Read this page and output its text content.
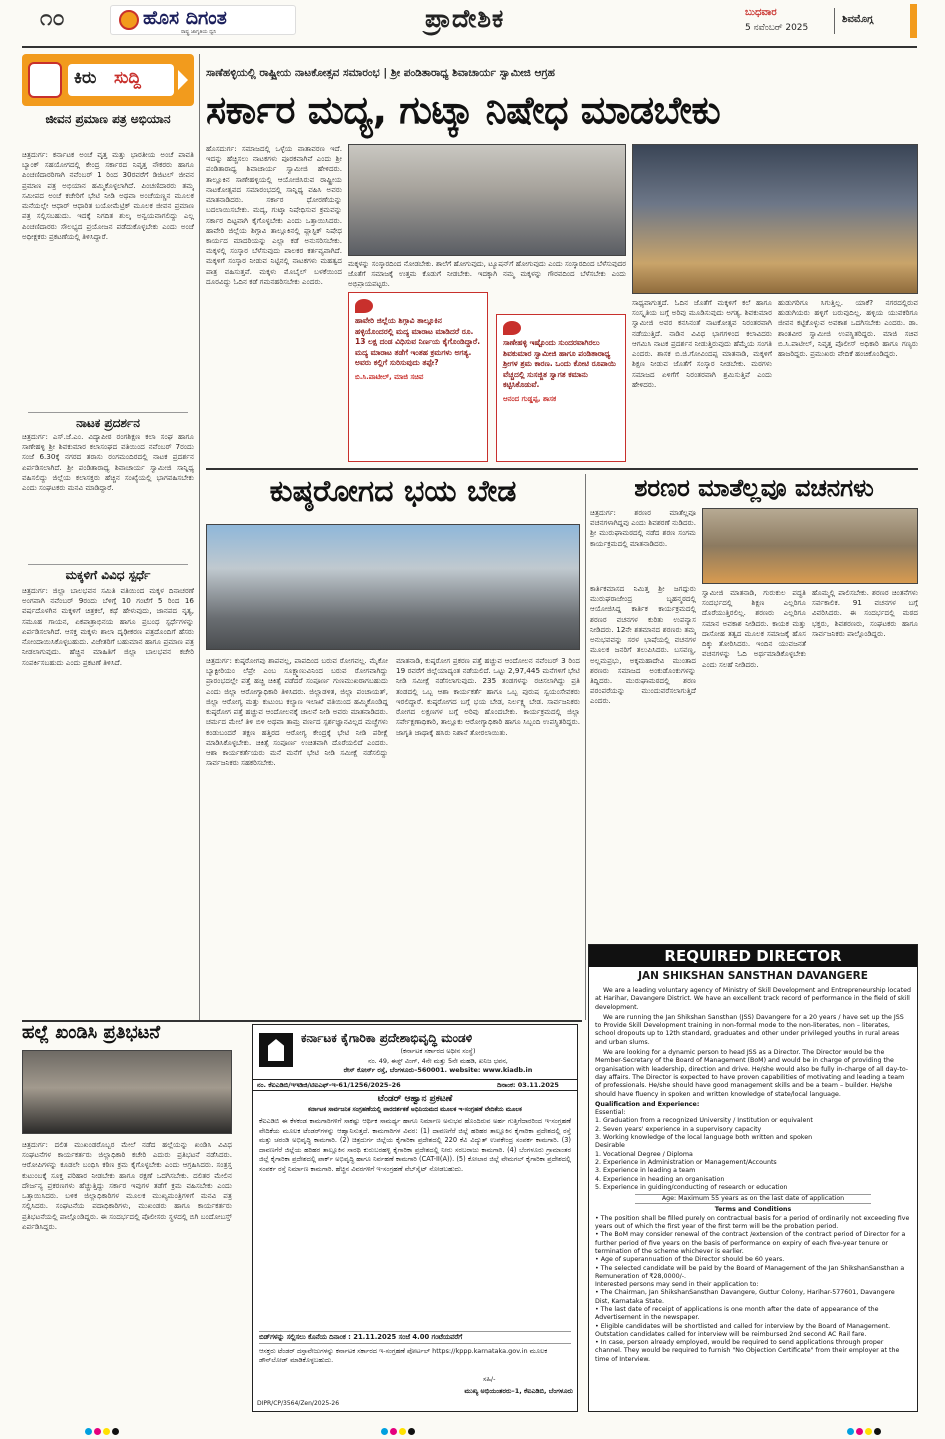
೧೦	ಹೊಸ ದಿಗಂತ
ರಾಷ್ಟ್ರ ಜಾಗೃತಿಯ ಧ್ವನಿ	ಪ್ರಾದೇಶಿಕ	ಬುಧವಾರ
5 ನವೆಂಬರ್ 2025
ಶಿವಮೊಗ್ಗ
ಕಿರು ಸುದ್ದಿ
ಜೀವನ ಪ್ರಮಾಣ ಪತ್ರ ಅಭಿಯಾನ
ಚಿತ್ರದುರ್ಗ: ಕರ್ನಾಟಕ ಅಂಚೆ ವೃತ್ತ ಮತ್ತು ಭಾರತೀಯ ಅಂಚೆ ಪಾವತಿ ಬ್ಯಾಂಕ್ ಸಹಯೋಗದಲ್ಲಿ ಕೇಂದ್ರ ಸರ್ಕಾರದ ನಿವೃತ್ತ ನೌಕರರು ಹಾಗೂ ಪಿಂಚಣಿದಾರರಿಗಾಗಿ ನವೆಂಬರ್ 1 ರಿಂದ 30ರವರೆಗೆ ಡಿಜಿಟಲ್ ಜೀವನ ಪ್ರಮಾಣ ಪತ್ರ ಅಭಿಯಾನ ಹಮ್ಮಿಕೊಳ್ಳಲಾಗಿದೆ. ಪಿಂಚಣಿದಾರರು ತಮ್ಮ ಸಮೀಪದ ಅಂಚೆ ಕಚೇರಿಗೆ ಭೇಟಿ ನೀಡಿ ಅಥವಾ ಅಂಚೆಯಣ್ಣನ ಮೂಲಕ ಮನೆಯಲ್ಲೇ ಆಧಾರ್ ಆಧಾರಿತ ಬಯೋಮೆಟ್ರಿಕ್ ಮೂಲಕ ಜೀವನ ಪ್ರಮಾಣ ಪತ್ರ ಸಲ್ಲಿಸಬಹುದು. ಇದಕ್ಕೆ ನಿಗದಿತ ಶುಲ್ಕ ಅನ್ವಯವಾಗಲಿದ್ದು ಎಲ್ಲ ಪಿಂಚಣಿದಾರರು ಸೌಲಭ್ಯದ ಪ್ರಯೋಜನ ಪಡೆದುಕೊಳ್ಳಬೇಕು ಎಂದು ಅಂಚೆ ಅಧೀಕ್ಷಕರು ಪ್ರಕಟಣೆಯಲ್ಲಿ ತಿಳಿಸಿದ್ದಾರೆ.
ನಾಟಕ ಪ್ರದರ್ಶನ
ಚಿತ್ರದುರ್ಗ: ಎಸ್.ಜೆ.ಎಂ. ವಿದ್ಯಾಪೀಠ ರಂಗಶಿಕ್ಷಣ ಕಲಾ ಸಂಘ ಹಾಗೂ ಸಾಣೇಹಳ್ಳಿ ಶ್ರೀ ಶಿವಕುಮಾರ ಕಲಾಸಂಘದ ವತಿಯಿಂದ ನವೆಂಬರ್ 7ರಂದು ಸಂಜೆ 6.30ಕ್ಕೆ ನಗರದ ತರಾಸು ರಂಗಮಂದಿರದಲ್ಲಿ ನಾಟಕ ಪ್ರದರ್ಶನ ಏರ್ಪಡಿಸಲಾಗಿದೆ. ಶ್ರೀ ಪಂಡಿತಾರಾಧ್ಯ ಶಿವಾಚಾರ್ಯ ಸ್ವಾಮೀಜಿ ಸಾನ್ನಿಧ್ಯ ವಹಿಸಲಿದ್ದು ಜಿಲ್ಲೆಯ ಕಲಾಸಕ್ತರು ಹೆಚ್ಚಿನ ಸಂಖ್ಯೆಯಲ್ಲಿ ಭಾಗವಹಿಸಬೇಕು ಎಂದು ಸಂಘಟಕರು ಮನವಿ ಮಾಡಿದ್ದಾರೆ.
ಮಕ್ಕಳಿಗೆ ವಿವಿಧ ಸ್ಪರ್ಧೆ
ಚಿತ್ರದುರ್ಗ: ಜಿಲ್ಲಾ ಬಾಲಭವನ ಸಮಿತಿ ವತಿಯಿಂದ ಮಕ್ಕಳ ದಿನಾಚರಣೆ ಅಂಗವಾಗಿ ನವೆಂಬರ್ 9ರಂದು ಬೆಳಿಗ್ಗೆ 10 ಗಂಟೆಗೆ 5 ರಿಂದ 16 ವರ್ಷದೊಳಗಿನ ಮಕ್ಕಳಿಗೆ ಚಿತ್ರಕಲೆ, ಕಥೆ ಹೇಳುವುದು, ಜಾನಪದ ನೃತ್ಯ, ಸಮೂಹ ಗಾಯನ, ಏಕಪಾತ್ರಾಭಿನಯ ಹಾಗೂ ಪ್ರಬಂಧ ಸ್ಪರ್ಧೆಗಳನ್ನು ಏರ್ಪಡಿಸಲಾಗಿದೆ. ಆಸಕ್ತ ಮಕ್ಕಳು ಶಾಲಾ ದೃಢೀಕರಣ ಪತ್ರದೊಂದಿಗೆ ಹೆಸರು ನೋಂದಾಯಿಸಿಕೊಳ್ಳಬಹುದು. ವಿಜೇತರಿಗೆ ಬಹುಮಾನ ಹಾಗೂ ಪ್ರಮಾಣ ಪತ್ರ ನೀಡಲಾಗುವುದು. ಹೆಚ್ಚಿನ ಮಾಹಿತಿಗೆ ಜಿಲ್ಲಾ ಬಾಲಭವನ ಕಚೇರಿ ಸಂಪರ್ಕಿಸಬಹುದು ಎಂದು ಪ್ರಕಟಣೆ ತಿಳಿಸಿದೆ.
ಸಾಣೆಹಳ್ಳಿಯಲ್ಲಿ ರಾಷ್ಟ್ರೀಯ ನಾಟಕೋತ್ಸವ ಸಮಾರಂಭ | ಶ್ರೀ ಪಂಡಿತಾರಾಧ್ಯ ಶಿವಾಚಾರ್ಯ ಸ್ವಾಮೀಜಿ ಆಗ್ರಹ
ಸರ್ಕಾರ ಮದ್ಯ, ಗುಟ್ಕಾ ನಿಷೇಧ ಮಾಡಬೇಕು
ಹೊಸದುರ್ಗ: ಸಮಾಜದಲ್ಲಿ ಒಳ್ಳೆಯ ವಾತಾವರಣ ಇದೆ. ಇದನ್ನು ಹೆಚ್ಚಿಸಲು ನಾಟಕಗಳು ಪೂರಕವಾಗಿವೆ ಎಂದು ಶ್ರೀ ಪಂಡಿತಾರಾಧ್ಯ ಶಿವಾಚಾರ್ಯ ಸ್ವಾಮೀಜಿ ಹೇಳಿದರು. ತಾಲ್ಲೂಕಿನ ಸಾಣೇಹಳ್ಳಿಯಲ್ಲಿ ಆಯೋಜಿಸಿರುವ ರಾಷ್ಟ್ರೀಯ ನಾಟಕೋತ್ಸವದ ಸಮಾರಂಭದಲ್ಲಿ ಸಾನ್ನಿಧ್ಯ ವಹಿಸಿ ಅವರು ಮಾತನಾಡಿದರು. ಸರ್ಕಾರ ಧೋರಣೆಯನ್ನು ಬದಲಾಯಿಸಬೇಕು. ಮದ್ಯ, ಗುಟ್ಕಾ ನಿಷೇಧಿಸುವ ಕ್ರಮವನ್ನು ಸರ್ಕಾರ ದಿಟ್ಟವಾಗಿ ಕೈಗೊಳ್ಳಬೇಕು ಎಂದು ಒತ್ತಾಯಿಸಿದರು. ಹಾವೇರಿ ಜಿಲ್ಲೆಯ ಶಿಗ್ಗಾವಿ ತಾಲ್ಲೂಕಿನಲ್ಲಿ ಪ್ಲಾಸ್ಟಿಕ್ ನಿಷೇಧ ಕಾರ್ಯದ ಮಾದರಿಯನ್ನು ಎಲ್ಲಾ ಕಡೆ ಅನುಸರಿಸಬೇಕು. ಮಕ್ಕಳಲ್ಲಿ ಸಂಸ್ಕಾರ ಬೆಳೆಸುವುದು ಪಾಲಕರ ಕರ್ತವ್ಯವಾಗಿದೆ. ಮಕ್ಕಳಿಗೆ ಸಂಸ್ಕಾರ ನೀಡುವ ನಿಟ್ಟಿನಲ್ಲಿ ನಾಟಕಗಳು ಮಹತ್ವದ ಪಾತ್ರ ವಹಿಸುತ್ತವೆ. ಮಕ್ಕಳು ಮೊಬೈಲ್ ಬಳಕೆಯಿಂದ ದೂರವಿದ್ದು ಓದಿನ ಕಡೆ ಗಮನಹರಿಸಬೇಕು ಎಂದರು.
ಮಕ್ಕಳನ್ನು ಸಂಸ್ಕಾರದಿಂದ ನೋಡಬೇಕು. ಶಾಲೆಗೆ ಹೋಗುವುದು, ಟ್ಯೂಷನ್‌ಗೆ ಹೋಗುವುದು ಎಂದು ಸಂಸ್ಕಾರದಿಂದ ಬೆಳೆಸುವುದರ ಜೊತೆಗೆ ಸಮಾಜಕ್ಕೆ ಉತ್ತಮ ಕೊಡುಗೆ ನೀಡಬೇಕು. ಇದಕ್ಕಾಗಿ ನಮ್ಮ ಮಕ್ಕಳನ್ನು ಗೌರವದಿಂದ ಬೆಳೆಸಬೇಕು ಎಂದು ಅಭಿಪ್ರಾಯಪಟ್ಟರು.
ಹಾವೇರಿ ಜಿಲ್ಲೆಯ ಶಿಗ್ಗಾವಿ ತಾಲ್ಲೂಕಿನ ಹಳ್ಳಿಯೊಂದರಲ್ಲಿ ಮದ್ಯ ಮಾರಾಟ ಮಾಡಿದರೆ ರೂ. 13 ಲಕ್ಷ ದಂಡ ವಿಧಿಸುವ ನಿರ್ಣಯ ಕೈಗೊಂಡಿದ್ದಾರೆ. ಮದ್ಯ ಮಾರಾಟ ತಡೆಗೆ ಇಂತಹ ಕ್ರಮಗಳು ಅಗತ್ಯ. ಅವರು ಕಲ್ಲಿಗೆ ಸುರಿಸುವುದು ತಪ್ಪೇ?
ಬಿ.ಸಿ.ಪಾಟೀಲ್, ಮಾಜಿ ಸಚಿವ
ಸಾಣೇಹಳ್ಳಿ ಇಷ್ಟೊಂದು ಸುಂದರವಾಗಿರಲು ಶಿವಕುಮಾರ ಸ್ವಾಮೀಜಿ ಹಾಗೂ ಪಂಡಿತಾರಾಧ್ಯ ಶ್ರೀಗಳ ಶ್ರಮ ಕಾರಣ. ಒಂದು ಕೋಟಿ ರೂಪಾಯಿ ವೆಚ್ಚದಲ್ಲಿ ಸುಸಜ್ಜಿತ ಸ್ವಾಗತ ಕಮಾನು ಕಟ್ಟಿಸಿಕೊಡುವೆ.
ಆನಂದ ಗುಡ್ಡಪ್ಪ, ಶಾಸಕ
ಸಾಧ್ಯವಾಗುತ್ತದೆ. ಓದಿನ ಜೊತೆಗೆ ಮಕ್ಕಳಿಗೆ ಕಲೆ ಹಾಗೂ ಸಂಸ್ಕೃತಿಯ ಬಗ್ಗೆ ಅರಿವು ಮೂಡಿಸುವುದು ಅಗತ್ಯ. ಶಿವಕುಮಾರ ಸ್ವಾಮೀಜಿ ಅವರ ಕನಸಿನಂತೆ ನಾಟಕೋತ್ಸವ ನಿರಂತರವಾಗಿ ನಡೆಯುತ್ತಿದೆ. ನಾಡಿನ ವಿವಿಧ ಭಾಗಗಳಿಂದ ಕಲಾವಿದರು ಆಗಮಿಸಿ ನಾಟಕ ಪ್ರದರ್ಶನ ನೀಡುತ್ತಿರುವುದು ಹೆಮ್ಮೆಯ ಸಂಗತಿ ಎಂದರು. ಶಾಸಕ ಬಿ.ಜಿ.ಗೋವಿಂದಪ್ಪ ಮಾತನಾಡಿ, ಮಕ್ಕಳಿಗೆ ಶಿಕ್ಷಣ ನೀಡುವ ಜೊತೆಗೆ ಸಂಸ್ಕಾರ ನೀಡಬೇಕು. ಮಠಗಳು ಸಮಾಜದ ಏಳಿಗೆಗೆ ನಿರಂತರವಾಗಿ ಶ್ರಮಿಸುತ್ತಿವೆ ಎಂದು ಹೇಳಿದರು.
ಹುಡುಗರಿಗೂ ಸಿಗುತ್ತಿಲ್ಲ. ಯಾಕೆ? ನಗರದಲ್ಲಿರುವ ಹುಡುಗಿಯರು ಹಳ್ಳಿಗೆ ಬರುವುದಿಲ್ಲ. ಹಳ್ಳಿಯ ಯುವಕರಿಗೂ ಜೀವನ ಕಟ್ಟಿಕೊಳ್ಳುವ ಅವಕಾಶ ಒದಗಿಸಬೇಕು ಎಂದರು. ಡಾ. ಶಾಂತವೀರ ಸ್ವಾಮೀಜಿ ಉಪಸ್ಥಿತರಿದ್ದರು. ಮಾಜಿ ಸಚಿವ ಬಿ.ಸಿ.ಪಾಟೀಲ್, ನಿವೃತ್ತ ಪೊಲೀಸ್ ಅಧಿಕಾರಿ ಹಾಗೂ ಗಣ್ಯರು ಹಾಜರಿದ್ದರು. ಪ್ರಮುಖರು ವೇದಿಕೆ ಹಂಚಿಕೊಂಡಿದ್ದರು.
ಕುಷ್ಠರೋಗದ ಭಯ ಬೇಡ
ಚಿತ್ರದುರ್ಗ: ಕುಷ್ಠರೋಗವು ಶಾಪವಲ್ಲ, ಪಾಪದಿಂದ ಬರುವ ರೋಗವಲ್ಲ. ಮೈಕೋ ಬ್ಯಾಕ್ಟೀರಿಯಂ ಲೆಪ್ರೇ ಎಂಬ ಸೂಕ್ಷ್ಮಾಣುವಿನಿಂದ ಬರುವ ರೋಗವಾಗಿದ್ದು ಪ್ರಾರಂಭದಲ್ಲೇ ಪತ್ತೆ ಹಚ್ಚಿ ಚಿಕಿತ್ಸೆ ಪಡೆದರೆ ಸಂಪೂರ್ಣ ಗುಣಮುಖರಾಗಬಹುದು ಎಂದು ಜಿಲ್ಲಾ ಆರೋಗ್ಯಾಧಿಕಾರಿ ತಿಳಿಸಿದರು. ಜಿಲ್ಲಾಡಳಿತ, ಜಿಲ್ಲಾ ಪಂಚಾಯತ್, ಜಿಲ್ಲಾ ಆರೋಗ್ಯ ಮತ್ತು ಕುಟುಂಬ ಕಲ್ಯಾಣ ಇಲಾಖೆ ವತಿಯಿಂದ ಹಮ್ಮಿಕೊಂಡಿದ್ದ ಕುಷ್ಠರೋಗ ಪತ್ತೆ ಹಚ್ಚುವ ಆಂದೋಲನಕ್ಕೆ ಚಾಲನೆ ನೀಡಿ ಅವರು ಮಾತನಾಡಿದರು. ಚರ್ಮದ ಮೇಲೆ ತಿಳಿ ಬಿಳಿ ಅಥವಾ ತಾಮ್ರ ವರ್ಣದ ಸ್ಪರ್ಶಜ್ಞಾನವಿಲ್ಲದ ಮಚ್ಚೆಗಳು ಕಂಡುಬಂದರೆ ತಕ್ಷಣ ಹತ್ತಿರದ ಆರೋಗ್ಯ ಕೇಂದ್ರಕ್ಕೆ ಭೇಟಿ ನೀಡಿ ಪರೀಕ್ಷೆ ಮಾಡಿಸಿಕೊಳ್ಳಬೇಕು. ಚಿಕಿತ್ಸೆ ಸಂಪೂರ್ಣ ಉಚಿತವಾಗಿ ದೊರೆಯಲಿದೆ ಎಂದರು. ಆಶಾ ಕಾರ್ಯಕರ್ತೆಯರು ಮನೆ ಮನೆಗೆ ಭೇಟಿ ನೀಡಿ ಸಮೀಕ್ಷೆ ನಡೆಸಲಿದ್ದು ಸಾರ್ವಜನಿಕರು ಸಹಕರಿಸಬೇಕು.
ಮಾತನಾಡಿ, ಕುಷ್ಠರೋಗ ಪ್ರಕರಣ ಪತ್ತೆ ಹಚ್ಚುವ ಆಂದೋಲನ ನವೆಂಬರ್ 3 ರಿಂದ 19 ರವರೆಗೆ ಜಿಲ್ಲೆಯಾದ್ಯಂತ ನಡೆಯಲಿದೆ. ಒಟ್ಟು 2,97,445 ಮನೆಗಳಿಗೆ ಭೇಟಿ ನೀಡಿ ಸಮೀಕ್ಷೆ ನಡೆಸಲಾಗುವುದು. 235 ತಂಡಗಳನ್ನು ರಚಿಸಲಾಗಿದ್ದು ಪ್ರತಿ ತಂಡದಲ್ಲಿ ಒಬ್ಬ ಆಶಾ ಕಾರ್ಯಕರ್ತೆ ಹಾಗೂ ಒಬ್ಬ ಪುರುಷ ಸ್ವಯಂಸೇವಕರು ಇರಲಿದ್ದಾರೆ. ಕುಷ್ಠರೋಗದ ಬಗ್ಗೆ ಭಯ ಬೇಡ, ನಿರ್ಲಕ್ಷ್ಯ ಬೇಡ. ಸಾರ್ವಜನಿಕರು ರೋಗದ ಲಕ್ಷಣಗಳ ಬಗ್ಗೆ ಅರಿವು ಹೊಂದಬೇಕು. ಕಾರ್ಯಕ್ರಮದಲ್ಲಿ ಜಿಲ್ಲಾ ಸರ್ವೇಕ್ಷಣಾಧಿಕಾರಿ, ತಾಲ್ಲೂಕು ಆರೋಗ್ಯಾಧಿಕಾರಿ ಹಾಗೂ ಸಿಬ್ಬಂದಿ ಉಪಸ್ಥಿತರಿದ್ದರು. ಜಾಗೃತಿ ಜಾಥಾಕ್ಕೆ ಹಸಿರು ನಿಶಾನೆ ತೋರಲಾಯಿತು.
ಶರಣರ ಮಾತೆಲ್ಲವೂ ವಚನಗಳು
ಚಿತ್ರದುರ್ಗ: ಶರಣರ ಮಾತೆಲ್ಲವೂ ವಚನಗಳಾಗಿದ್ದವು ಎಂದು ಶಿವಶರಣೆ ನುಡಿದರು. ಶ್ರೀ ಮುರುಘಾಮಠದಲ್ಲಿ ನಡೆದ ಶರಣ ಸಂಗಮ ಕಾರ್ಯಕ್ರಮದಲ್ಲಿ ಮಾತನಾಡಿದರು.
ಕಾರ್ತಿಕಮಾಸದ ನಿಮಿತ್ತ ಶ್ರೀ ಜಗದ್ಗುರು ಮುರುಘರಾಜೇಂದ್ರ ಬೃಹನ್ಮಠದಲ್ಲಿ ಆಯೋಜಿಸಿದ್ದ ಕಾರ್ತಿಕ ಕಾರ್ಯಕ್ರಮದಲ್ಲಿ ಶರಣರ ವಚನಗಳ ಕುರಿತು ಉಪನ್ಯಾಸ ನೀಡಿದರು. 12ನೇ ಶತಮಾನದ ಶರಣರು ತಮ್ಮ ಅನುಭವವನ್ನು ಸರಳ ಭಾಷೆಯಲ್ಲಿ ವಚನಗಳ ಮೂಲಕ ಜನರಿಗೆ ತಲುಪಿಸಿದರು. ಬಸವಣ್ಣ, ಅಲ್ಲಮಪ್ರಭು, ಅಕ್ಕಮಹಾದೇವಿ ಮುಂತಾದ ಶರಣರು ಸಮಾಜದ ಅಂಕುಡೊಂಕುಗಳನ್ನು ತಿದ್ದಿದರು. ಮುರುಘಾಮಠದಲ್ಲಿ ಶರಣ ಪರಂಪರೆಯನ್ನು ಮುಂದುವರೆಸಲಾಗುತ್ತಿದೆ ಎಂದರು.
ಸ್ವಾಮೀಜಿ ಮಾತನಾಡಿ, ಗುರುಕುಲ ಪದ್ಧತಿ ಸಂದರ್ಭದಲ್ಲಿ ಶಿಕ್ಷಣ ಎಲ್ಲರಿಗೂ ದೊರೆಯುತ್ತಿರಲಿಲ್ಲ. ಶರಣರು ಎಲ್ಲರಿಗೂ ಸಮಾನ ಅವಕಾಶ ನೀಡಿದರು. ಕಾಯಕ ಮತ್ತು ದಾಸೋಹ ತತ್ವದ ಮೂಲಕ ಸಮಾಜಕ್ಕೆ ಹೊಸ ದಿಕ್ಕು ತೋರಿಸಿದರು. ಇಂದಿನ ಯುವಜನತೆ ವಚನಗಳನ್ನು ಓದಿ ಅರ್ಥಮಾಡಿಕೊಳ್ಳಬೇಕು ಎಂದು ಸಲಹೆ ನೀಡಿದರು.
ಹೊಮ್ಮಲ್ಲಿ ಪಾಲಿಸಬೇಕು. ಶರಣರ ಚಿಂತನೆಗಳು ಸರ್ವಕಾಲಿಕ. 91 ವಚನಗಳ ಬಗ್ಗೆ ವಿವರಿಸಿದರು. ಈ ಸಂದರ್ಭದಲ್ಲಿ ಮಠದ ಭಕ್ತರು, ಶಿವಶರಣರು, ಸಂಘಟಕರು ಹಾಗೂ ಸಾರ್ವಜನಿಕರು ಪಾಲ್ಗೊಂಡಿದ್ದರು.
REQUIRED DIRECTOR
JAN SHIKSHAN SANSTHAN DAVANGERE
We are a leading voluntary agency of Ministry of Skill Development and Entrepreneurship located at Harihar, Davangere District. We have an excellent track record of performance in the field of skill development.
We are running the Jan Shikshan Sansthan (JSS) Davangere for a 20 years / have set up the JSS to Provide Skill Development training in non-formal mode to the non-literates, non – literates, school dropouts up to 12th standard, graduates and other under privileged youths in rural areas and urban slums.
We are looking for a dynamic person to head JSS as a Director. The Director would be the Member-Secretary of the Board of Management (BoM) and would be in charge of providing the organisation with leadership, direction and drive. He/she would also be fully in-charge of all day-to-day affairs. The Director is expected to have proven capabilities of motivating and leading a team of professionals. He/she should have good management skills and be a team – builder. He/she should have fluency in spoken and written knowledge of state/local language.
Qualification and Experience:
Essential:
1. Graduation from a recognized University / Institution or equivalent
2. Seven years' experience in a supervisory capacity
3. Working knowledge of the local language both written and spoken
Desirable
1. Vocational Degree / Diploma
2. Experience in Administration or Management/Accounts
3. Experience in leading a team
4. Experience in heading an organisation
5. Experience in guiding/conducting of research or education
Age: Maximum 55 years as on the last date of application
Terms and Conditions
• The position shall be filled purely on contractual basis for a period of ordinarily not exceeding five years out of which the first year of the first term will be the probation period.
• The BoM may consider renewal of the contract /extension of the contract period of Director for a further period of five years on the basis of performance on expiry of each five-year tenure or termination of the scheme whichever is earlier.
• Age of superannuation of the Director should be 60 years.
• The selected candidate will be paid by the Board of Management of the Jan ShikshanSansthan a Remuneration of ₹28,0000/-.
Interested persons may send in their application to:
• The Chairman, Jan ShikshanSansthan Davangere, Guttur Colony, Harihar-577601, Davangere Dist, Karnataka State.
• The last date of receipt of applications is one month after the date of appearance of the Advertisement in the newspaper.
• Eligible candidates will be shortlisted and called for interview by the Board of Management. Outstation candidates called for interview will be reimbursed 2nd second AC Rail fare.
• In case, person already employed, would be required to send applications through proper channel. They would be required to furnish "No Objection Certificate" from their employer at the time of Interview.
ಹಲ್ಲೆ ಖಂಡಿಸಿ ಪ್ರತಿಭಟನೆ
ಚಿತ್ರದುರ್ಗ: ದಲಿತ ಮುಖಂಡರೊಬ್ಬರ ಮೇಲೆ ನಡೆದ ಹಲ್ಲೆಯನ್ನು ಖಂಡಿಸಿ ವಿವಿಧ ಸಂಘಟನೆಗಳ ಕಾರ್ಯಕರ್ತರು ಜಿಲ್ಲಾಧಿಕಾರಿ ಕಚೇರಿ ಎದುರು ಪ್ರತಿಭಟನೆ ನಡೆಸಿದರು. ಆರೋಪಿಗಳನ್ನು ಕೂಡಲೇ ಬಂಧಿಸಿ ಕಠಿಣ ಕ್ರಮ ಕೈಗೊಳ್ಳಬೇಕು ಎಂದು ಆಗ್ರಹಿಸಿದರು. ಸಂತ್ರಸ್ತ ಕುಟುಂಬಕ್ಕೆ ಸೂಕ್ತ ಪರಿಹಾರ ನೀಡಬೇಕು ಹಾಗೂ ರಕ್ಷಣೆ ಒದಗಿಸಬೇಕು. ದಲಿತರ ಮೇಲಿನ ದೌರ್ಜನ್ಯ ಪ್ರಕರಣಗಳು ಹೆಚ್ಚುತ್ತಿದ್ದು ಸರ್ಕಾರ ಇವುಗಳ ತಡೆಗೆ ಕ್ರಮ ವಹಿಸಬೇಕು ಎಂದು ಒತ್ತಾಯಿಸಿದರು. ಬಳಿಕ ಜಿಲ್ಲಾಧಿಕಾರಿಗಳ ಮೂಲಕ ಮುಖ್ಯಮಂತ್ರಿಗಳಿಗೆ ಮನವಿ ಪತ್ರ ಸಲ್ಲಿಸಿದರು. ಸಂಘಟನೆಯ ಪದಾಧಿಕಾರಿಗಳು, ಮುಖಂಡರು ಹಾಗೂ ಕಾರ್ಯಕರ್ತರು ಪ್ರತಿಭಟನೆಯಲ್ಲಿ ಪಾಲ್ಗೊಂಡಿದ್ದರು. ಈ ಸಂದರ್ಭದಲ್ಲಿ ಪೊಲೀಸರು ಸ್ಥಳದಲ್ಲಿ ಬಿಗಿ ಬಂದೋಬಸ್ತ್ ಏರ್ಪಡಿಸಿದ್ದರು.
ಕರ್ನಾಟಕ ಕೈಗಾರಿಕಾ ಪ್ರದೇಶಾಭಿವೃದ್ಧಿ ಮಂಡಳಿ
(ಕರ್ನಾಟಕ ಸರ್ಕಾರದ ಅಧೀನ ಸಂಸ್ಥೆ)
ನಂ. 49, ಈಸ್ಟ್ ವಿಂಗ್, 4ನೇ ಮತ್ತು 5ನೇ ಮಹಡಿ, ಖನಿಜ ಭವನ,
ರೇಸ್ ಕೋರ್ಸ್ ರಸ್ತೆ, ಬೆಂಗಳೂರು–560001. website: www.kiadb.in
ನಂ. ಕೆಐಎಡಿಬಿ/ಇಇಡಿಜಿ/ಟಿಐಎಫ್-ಇ-61/1256/2025–26	ದಿನಾಂಕ: 03.11.2025
ಟೆಂಡರ್ ಆಹ್ವಾನ ಪ್ರಕಟಣೆ
ಕರ್ನಾಟಕ ಸಾರ್ವಜನಿಕ ಸಂಗ್ರಹಣೆಯಲ್ಲಿ ಪಾರದರ್ಶಕತೆ ಅಧಿನಿಯಮದ ಮೂಲಕ ಇ-ಸಂಗ್ರಹಣೆ ವೇದಿಕೆಯ ಮೂಲಕ
ಕೆಐಎಡಿಬಿ ಈ ಕೆಳಕಂಡ ಕಾಮಗಾರಿಗಳಿಗೆ ಸಾಕಷ್ಟು ಆರ್ಥಿಕ ಸಾಮರ್ಥ್ಯ ಹಾಗೂ ನಿರ್ಮಾಣ ಅನುಭವ ಹೊಂದಿರುವ ಅರ್ಹ ಗುತ್ತಿಗೆದಾರರಿಂದ ಇ-ಸಂಗ್ರಹಣೆ ವೇದಿಕೆಯ ಮೂಲಕ ಟೆಂಡರ್‌ಗಳನ್ನು ಆಹ್ವಾನಿಸುತ್ತದೆ. ಕಾಮಗಾರಿಗಳ ವಿವರ: (1) ದಾವಣಗೆರೆ ಜಿಲ್ಲೆ ಹರಿಹರ ತಾಲ್ಲೂಕಿನ ಕೈಗಾರಿಕಾ ಪ್ರದೇಶದಲ್ಲಿ ರಸ್ತೆ ಮತ್ತು ಚರಂಡಿ ಅಭಿವೃದ್ಧಿ ಕಾಮಗಾರಿ. (2) ಚಿತ್ರದುರ್ಗ ಜಿಲ್ಲೆಯ ಕೈಗಾರಿಕಾ ಪ್ರದೇಶದಲ್ಲಿ 220 ಕೆವಿ ವಿದ್ಯುತ್ ಉಪಕೇಂದ್ರ ಸಂಪರ್ಕ ಕಾಮಗಾರಿ. (3) ದಾವಣಗೆರೆ ಜಿಲ್ಲೆಯ ಹರಿಹರ ತಾಲ್ಲೂಕಿನ ಸಾರಥಿ ಕುರುಬರಹಳ್ಳಿ ಕೈಗಾರಿಕಾ ಪ್ರದೇಶದಲ್ಲಿ ನೀರು ಸರಬರಾಜು ಕಾಮಗಾರಿ. (4) ಬೆಂಗಳೂರು ಗ್ರಾಮಾಂತರ ಜಿಲ್ಲೆ ಕೈಗಾರಿಕಾ ಪ್ರದೇಶದಲ್ಲಿ ಪಾರ್ಕ್ ಅಭಿವೃದ್ಧಿ ಹಾಗೂ ನಿರ್ವಹಣೆ ಕಾಮಗಾರಿ (CAT-II(A)). (5) ಕೋಲಾರ ಜಿಲ್ಲೆ ವೇಮಗಲ್ ಕೈಗಾರಿಕಾ ಪ್ರದೇಶದಲ್ಲಿ ಸಂಪರ್ಕ ರಸ್ತೆ ನಿರ್ಮಾಣ ಕಾಮಗಾರಿ. ಹೆಚ್ಚಿನ ವಿವರಗಳಿಗೆ ಇ-ಸಂಗ್ರಹಣೆ ವೆಬ್‌ಸೈಟ್ ನೋಡಬಹುದು.
ಬಿಡ್‌ಗಳನ್ನು ಸಲ್ಲಿಸಲು ಕೊನೆಯ ದಿನಾಂಕ : 21.11.2025 ಸಂಜೆ 4.00 ಗಂಟೆಯವರೆಗೆ
ಆಸಕ್ತರು ಟೆಂಡರ್ ದಸ್ತಾವೇಜುಗಳನ್ನು ಕರ್ನಾಟಕ ಸರ್ಕಾರದ ಇ-ಸಂಗ್ರಹಣೆ ಪೋರ್ಟಲ್ https://kppp.karnataka.gov.in ಮೂಲಕ ಡೌನ್‌ಲೋಡ್ ಮಾಡಿಕೊಳ್ಳಬಹುದು.
ಸಹಿ/-
ಮುಖ್ಯ ಅಭಿಯಂತರರು–1, ಕೆಐಎಡಿಬಿ, ಬೆಂಗಳೂರು
DIPR/CP/3564/Zen/2025-26
